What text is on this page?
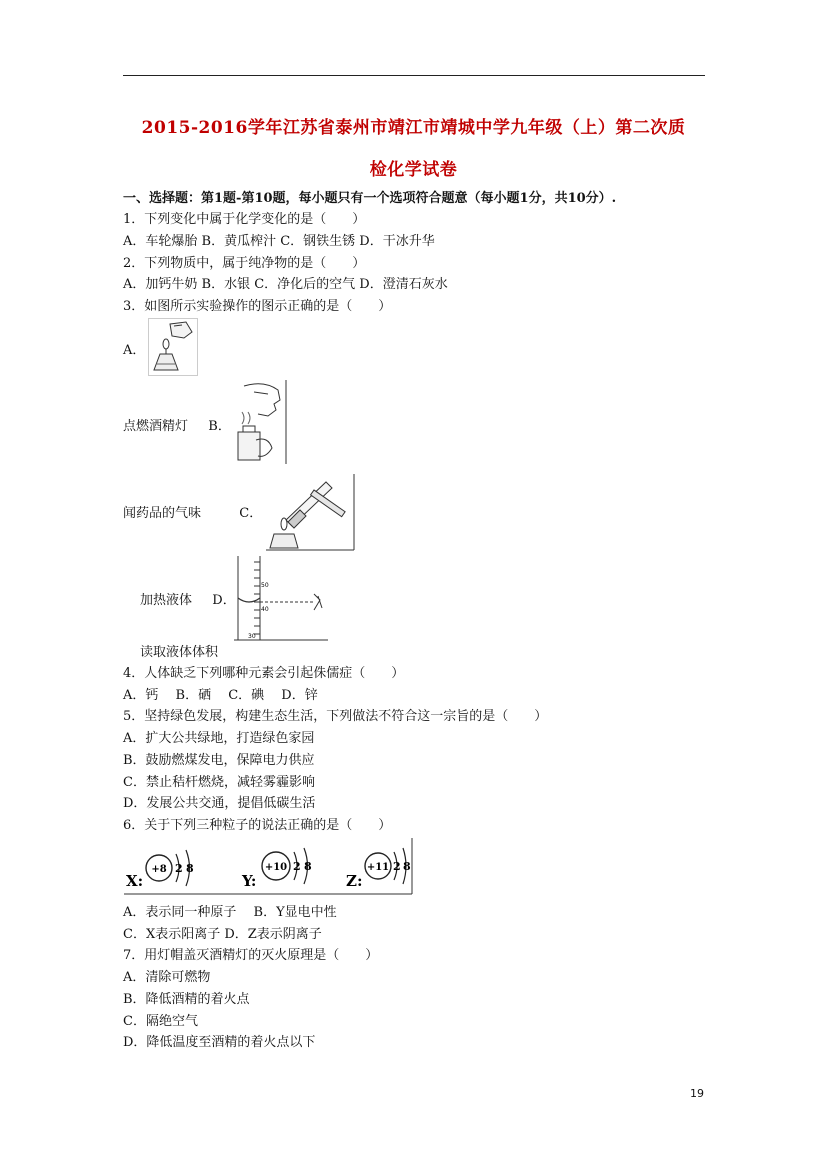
2015-2016学年江苏省泰州市靖江市靖城中学九年级（上）第二次质
检化学试卷
一、选择题：第1题-第10题，每小题只有一个选项符合题意（每小题1分，共10分）.
1．下列变化中属于化学变化的是（　　）
A．车轮爆胎 B．黄瓜榨汁 C．钢铁生锈 D．干冰升华
2．下列物质中，属于纯净物的是（　　）
A．加钙牛奶 B．水银 C．净化后的空气 D．澄清石灰水
3．如图所示实验操作的图示正确的是（　　）
A．
点燃酒精灯 B．
闻药品的气味	C．
加热液体 D．
50
40
30
读取液体体积
4．人体缺乏下列哪种元素会引起侏儒症（　　）
A．钙　 B．硒　 C．碘　 D．锌
5．坚持绿色发展，构建生态生活，下列做法不符合这一宗旨的是（　　）
A．扩大公共绿地，打造绿色家园
B．鼓励燃煤发电，保障电力供应
C．禁止秸杆燃烧，减轻雾霾影响
D．发展公共交通，提倡低碳生活
6．关于下列三种粒子的说法正确的是（　　）
X:
+8 2 8
Y:
+10 2 8
Z:
+11 2 8
A．表示同一种原子　 B．Y显电中性
C．X表示阳离子 D．Z表示阴离子
7．用灯帽盖灭酒精灯的灭火原理是（　　）
A．清除可燃物
B．降低酒精的着火点
C．隔绝空气
D．降低温度至酒精的着火点以下
19
